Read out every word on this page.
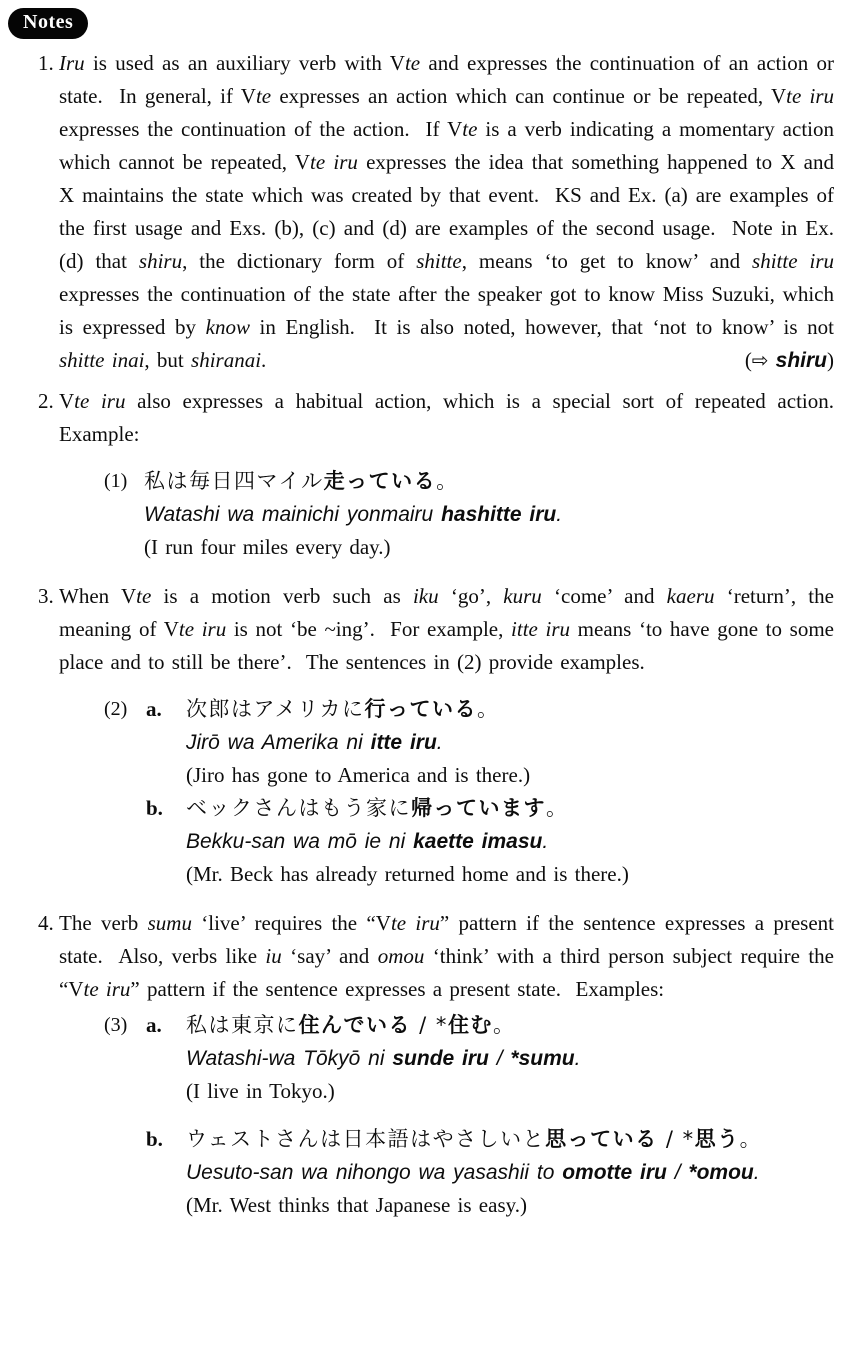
Notes
1. Iru is used as an auxiliary verb with Vte and expresses the continuation of an action or state.  In general, if Vte expresses an action which can continue or be repeated, Vte iru expresses the continuation of the action.  If Vte is a verb indicating a momentary action which cannot be repeated, Vte iru expresses the idea that something happened to X and X maintains the state which was created by that event.  KS and Ex. (a) are examples of the first usage and Exs. (b), (c) and (d) are examples of the second usage.  Note in Ex. (d) that shiru, the dictionary form of shitte, means ‘to get to know’ and shitte iru expresses the continuation of the state after the speaker got to know Miss Suzuki, which is expressed by know in English.  It is also noted, however, that ‘not to know’ is not shitte inai, but shiranai.	(⇨ shiru)
2. Vte iru also expresses a habitual action, which is a special sort of repeated action.  Example:

(1) 私は毎日四マイル走っている。

Watashi wa mainichi yonmairu hashitte iru.

(I run four miles every day.)

3. When Vte is a motion verb such as iku ‘go’, kuru ‘come’ and kaeru ‘return’, the meaning of Vte iru is not ‘be ~ing’.  For example, itte iru means ‘to have gone to some place and to still be there’.  The sentences in (2) provide examples.

(2) a.	次郎はアメリカに行っている。

Jirō wa Amerika ni itte iru.

(Jiro has gone to America and is there.)

b.	ベックさんはもう家に帰っています。

Bekku-san wa mō ie ni kaette imasu.

(Mr. Beck has already returned home and is there.)

4. The verb sumu ‘live’ requires the “Vte iru” pattern if the sentence expresses a present state.  Also, verbs like iu ‘say’ and omou ‘think’ with a third person subject require the “Vte iru” pattern if the sentence expresses a present state.  Examples:

(3) a.	私は東京に住んでいる / *住む。

Watashi-wa Tōkyō ni sunde iru / *sumu.

(I live in Tokyo.)

b.	ウェストさんは日本語はやさしいと思っている / *思う。

Uesuto-san wa nihongo wa yasashii to omotte iru / *omou.

(Mr. West thinks that Japanese is easy.)
